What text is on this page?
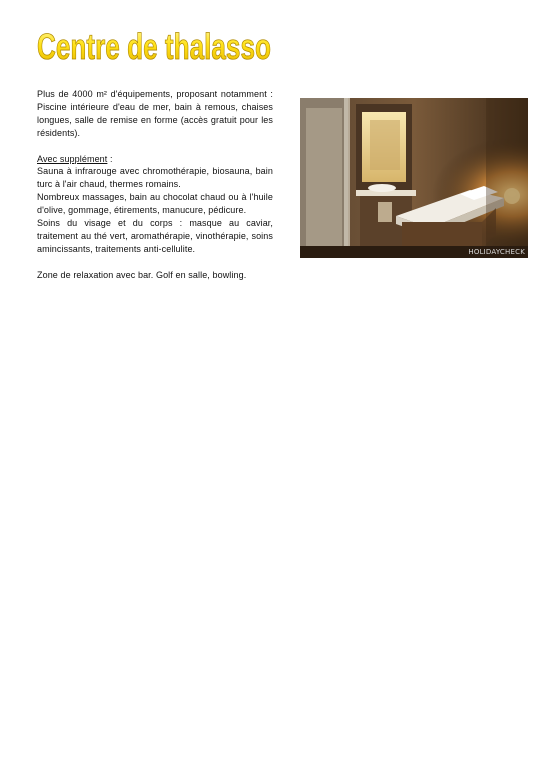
Centre de thalasso

Plus de 4000 m² d'équipements, proposant notamment : Piscine intérieure d'eau de mer, bain à remous, chaises longues, salle de remise en forme (accès gratuit pour les résidents).

Avec supplément :

Sauna à infrarouge avec chromothérapie, biosauna, bain turc à l'air chaud, thermes romains.

Nombreux massages, bain au chocolat chaud ou à l'huile d'olive, gommage, étirements, manucure, pédicure.

Soins du visage et du corps : masque au caviar, traitement au thé vert, aromathérapie, vinothérapie, soins amincissants, traitements anti-cellulite.

Zone de relaxation avec bar. Golf en salle, bowling.

HOLIDAYCHECK
